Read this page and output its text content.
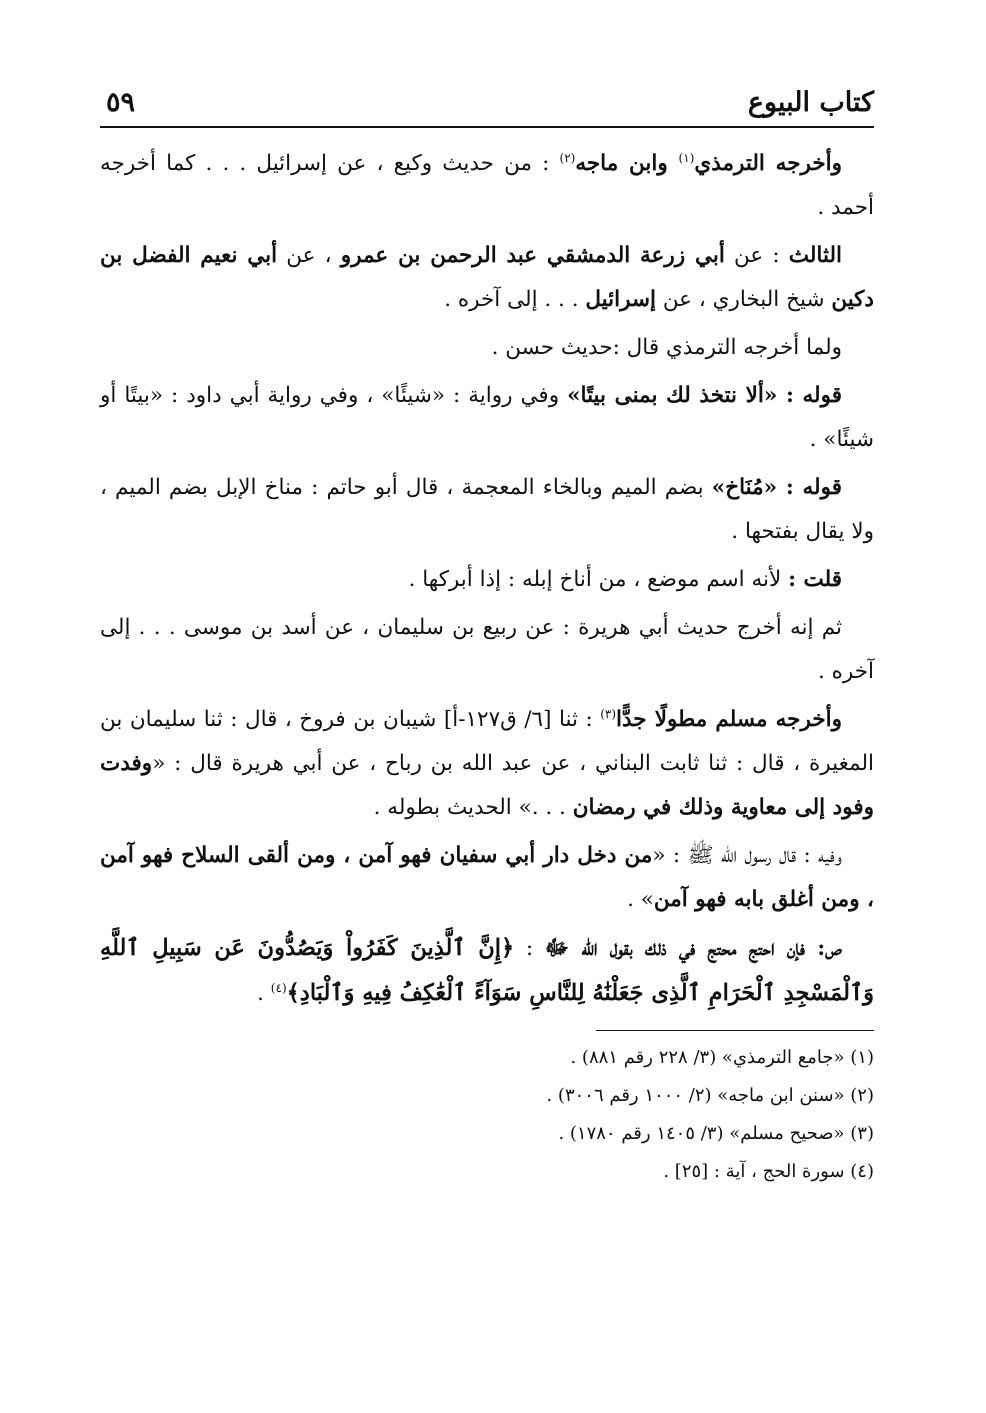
كتاب البيوع
٥٩

وأخرجه الترمذي$^{(١)}$ وابن ماجه$^{(٢)}$ : من حديث وكيع ، عن إسرائيل . . . كما أخرجه أحمد .

الثالث : عن أبي زرعة الدمشقي عبد الرحمن بن عمرو ، عن أبي نعيم الفضل بن دكين شيخ البخاري ، عن إسرائيل . . . إلى آخره .

ولما أخرجه الترمذي قال :حديث حسن .

قوله : «ألا نتخذ لك بمنى بيتًا» وفي رواية : «شيئًا» ، وفي رواية أبي داود : «بيتًا أو شيئًا» .

قوله : «مُنَاخ» بضم الميم وبالخاء المعجمة ، قال أبو حاتم : مناخ الإبل بضم الميم ، ولا يقال بفتحها .

قلت : لأنه اسم موضع ، من أناخ إبله : إذا أبركها .

ثم إنه أخرج حديث أبي هريرة : عن ربيع بن سليمان ، عن أسد بن موسى . . . إلى آخره .

وأخرجه مسلم مطولًا جدًّا$^{(٣)}$ : ثنا [٦/ ق١٢٧-أ] شيبان بن فروخ ، قال : ثنا سليمان بن المغيرة ، قال : ثنا ثابت البناني ، عن عبد الله بن رباح ، عن أبي هريرة قال : «وفدت وفود إلى معاوية وذلك في رمضان . . .» الحديث بطوله .

وفيه : قال رسول الله ﷺ : «من دخل دار أبي سفيان فهو آمن ، ومن ألقى السلاح فهو آمن ، ومن أغلق بابه فهو آمن» .

ص: فإن احتج محتج في ذلك بقول الله ﷻ : ﴿إِنَّ ٱلَّذِينَ كَفَرُواْ وَيَصُدُّونَ عَن سَبِيلِ ٱللَّهِ وَٱلْمَسْجِدِ ٱلْحَرَامِ ٱلَّذِى جَعَلْنَٰهُ لِلنَّاسِ سَوَآءً ٱلْعَٰكِفُ فِيهِ وَٱلْبَادِ﴾$^{(٤)}$ .

(١) «جامع الترمذي» (٣/ ٢٢٨ رقم ٨٨١) .

(٢) «سنن ابن ماجه» (٢/ ١٠٠٠ رقم ٣٠٠٦) .

(٣) «صحيح مسلم» (٣/ ١٤٠٥ رقم ١٧٨٠) .

(٤) سورة الحج ، آية : [٢٥] .
